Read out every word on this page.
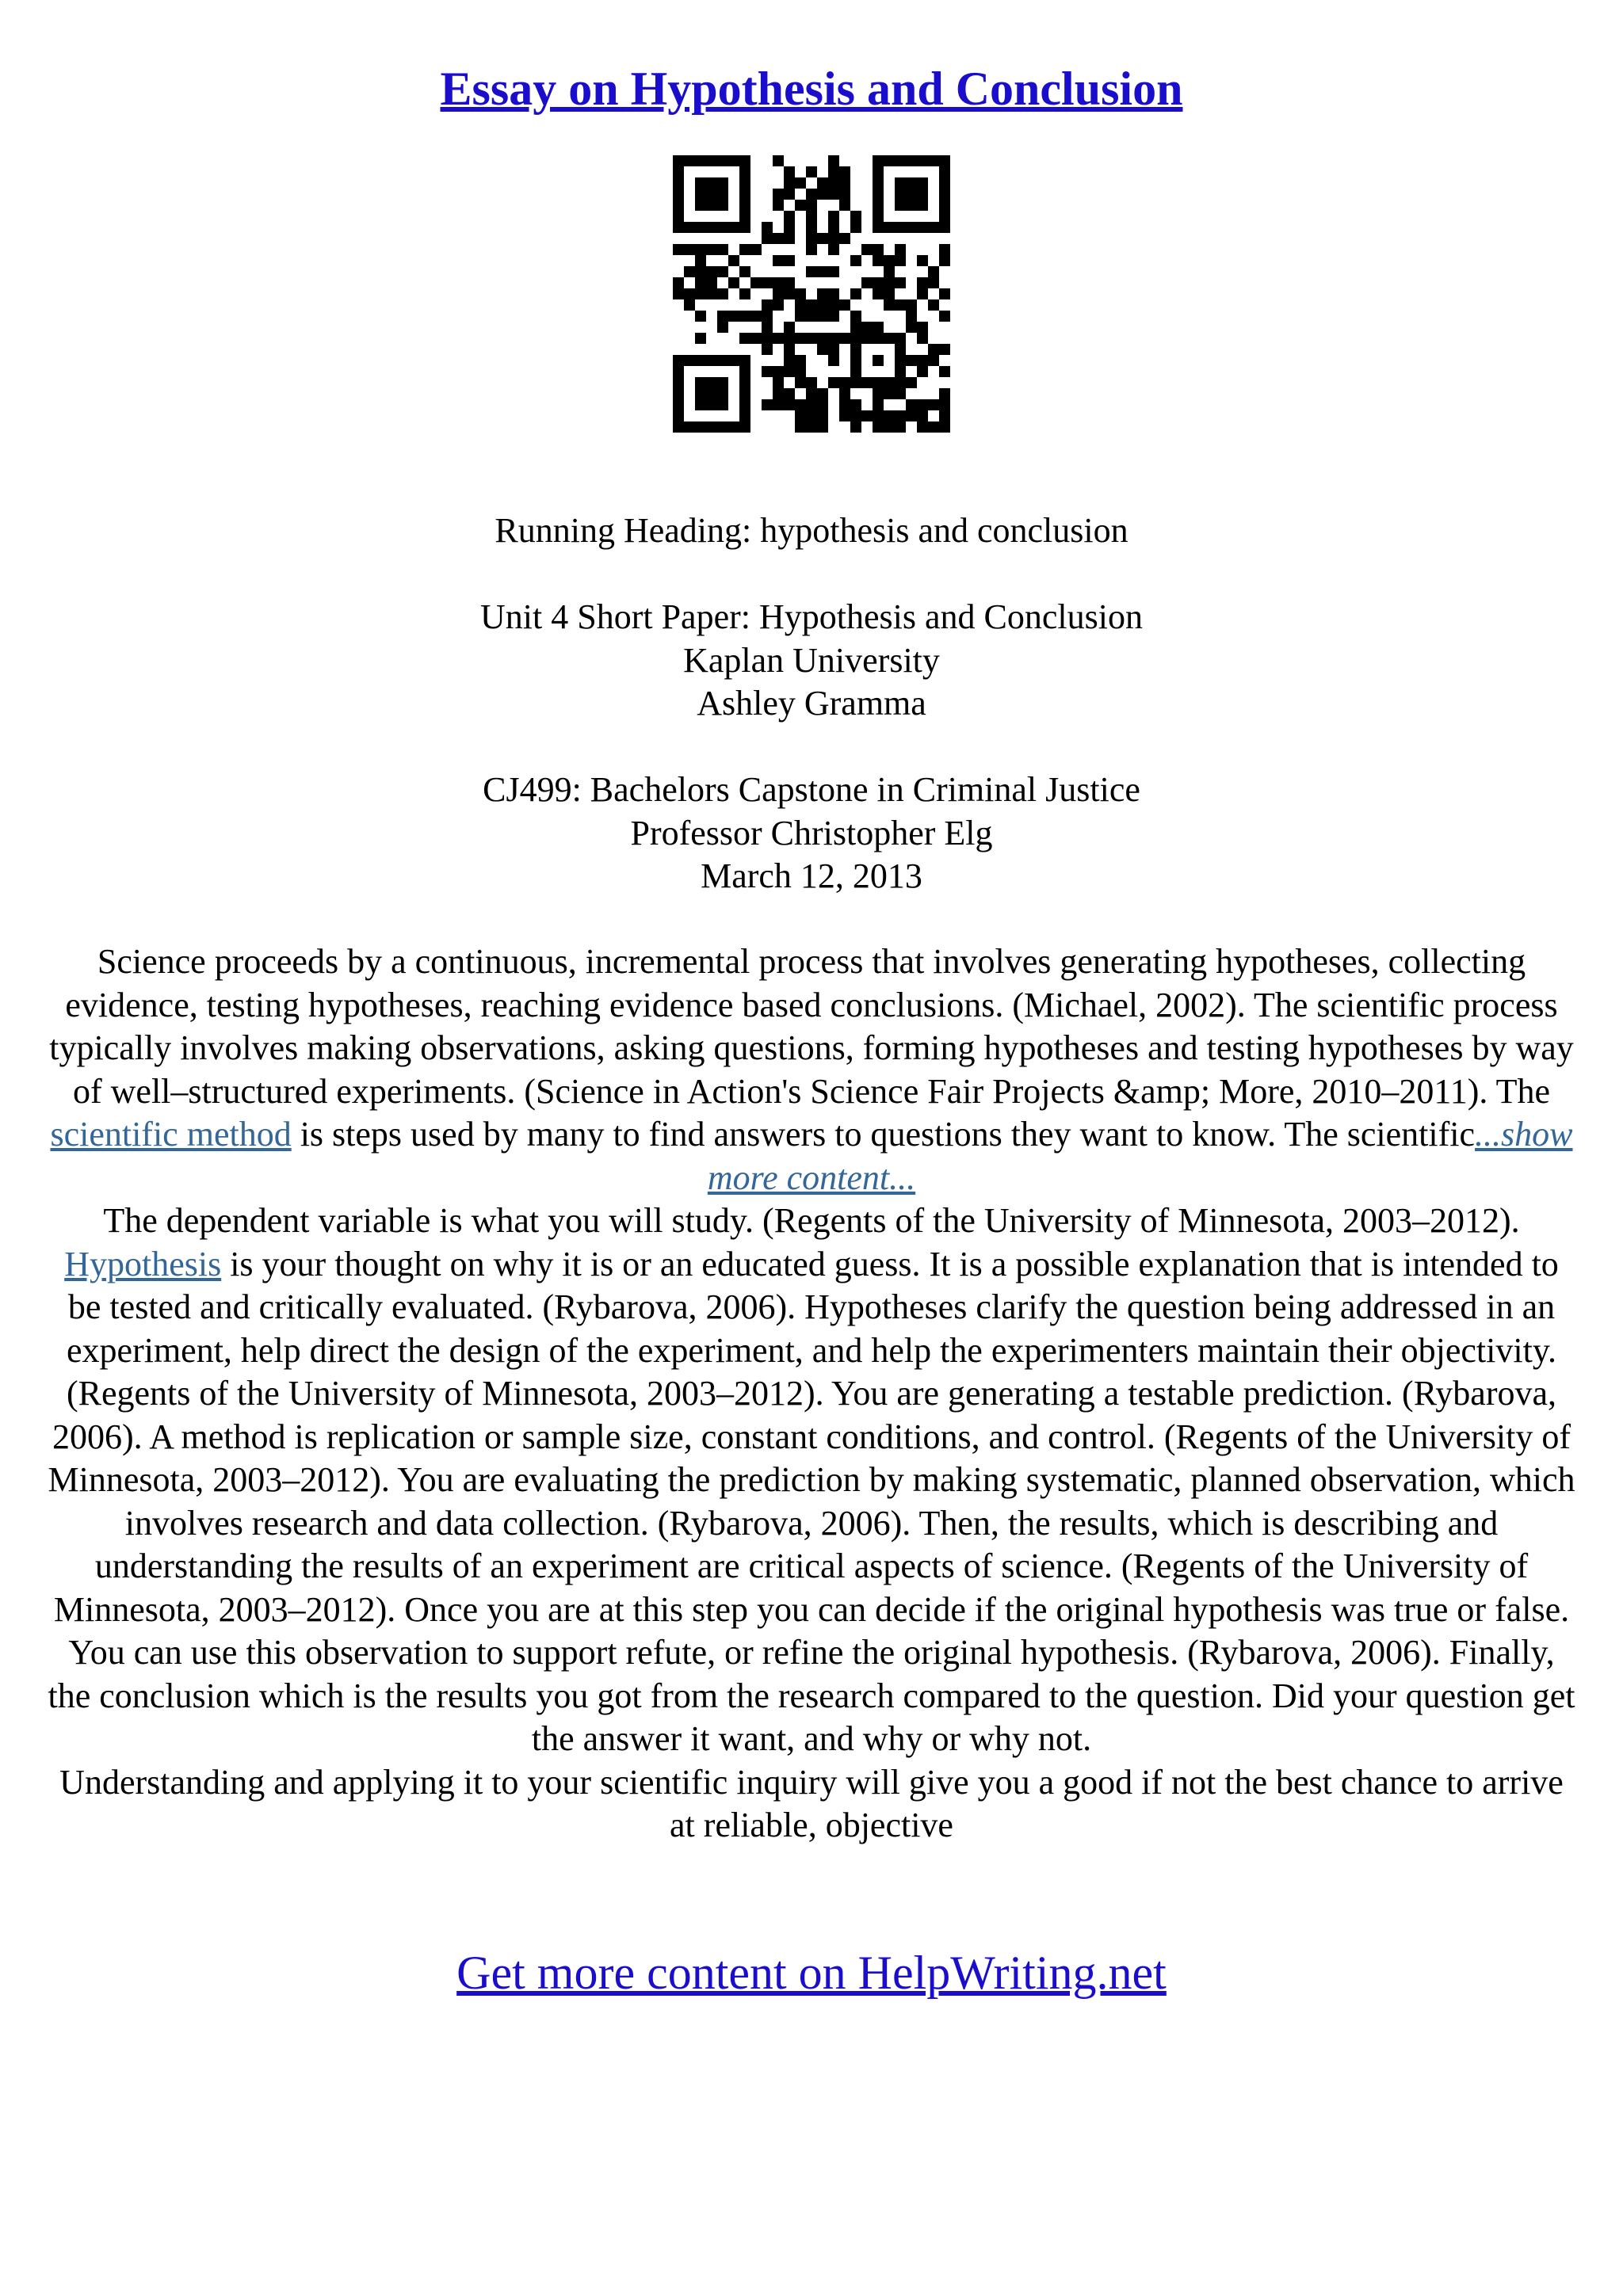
Essay on Hypothesis and Conclusion

Running Heading: hypothesis and conclusion

Unit 4 Short Paper: Hypothesis and Conclusion

Kaplan University

Ashley Gramma

CJ499: Bachelors Capstone in Criminal Justice

Professor Christopher Elg

March 12, 2013

Science proceeds by a continuous, incremental process that involves generating hypotheses, collecting evidence, testing hypotheses, reaching evidence based conclusions. (Michael, 2002). The scientific process typically involves making observations, asking questions, forming hypotheses and testing hypotheses by way of well–structured experiments. (Science in Action's Science Fair Projects &amp; More, 2010–2011). The scientific method is steps used by many to find answers to questions they want to know. The scientific...show more content...

The dependent variable is what you will study. (Regents of the University of Minnesota, 2003–2012). Hypothesis is your thought on why it is or an educated guess. It is a possible explanation that is intended to be tested and critically evaluated. (Rybarova, 2006). Hypotheses clarify the question being addressed in an experiment, help direct the design of the experiment, and help the experimenters maintain their objectivity. (Regents of the University of Minnesota, 2003–2012). You are generating a testable prediction. (Rybarova, 2006). A method is replication or sample size, constant conditions, and control. (Regents of the University of Minnesota, 2003–2012). You are evaluating the prediction by making systematic, planned observation, which involves research and data collection. (Rybarova, 2006). Then, the results, which is describing and understanding the results of an experiment are critical aspects of science. (Regents of the University of Minnesota, 2003–2012). Once you are at this step you can decide if the original hypothesis was true or false. You can use this observation to support refute, or refine the original hypothesis. (Rybarova, 2006). Finally, the conclusion which is the results you got from the research compared to the question. Did your question get the answer it want, and why or why not.

Understanding and applying it to your scientific inquiry will give you a good if not the best chance to arrive at reliable, objective

Get more content on HelpWriting.net
